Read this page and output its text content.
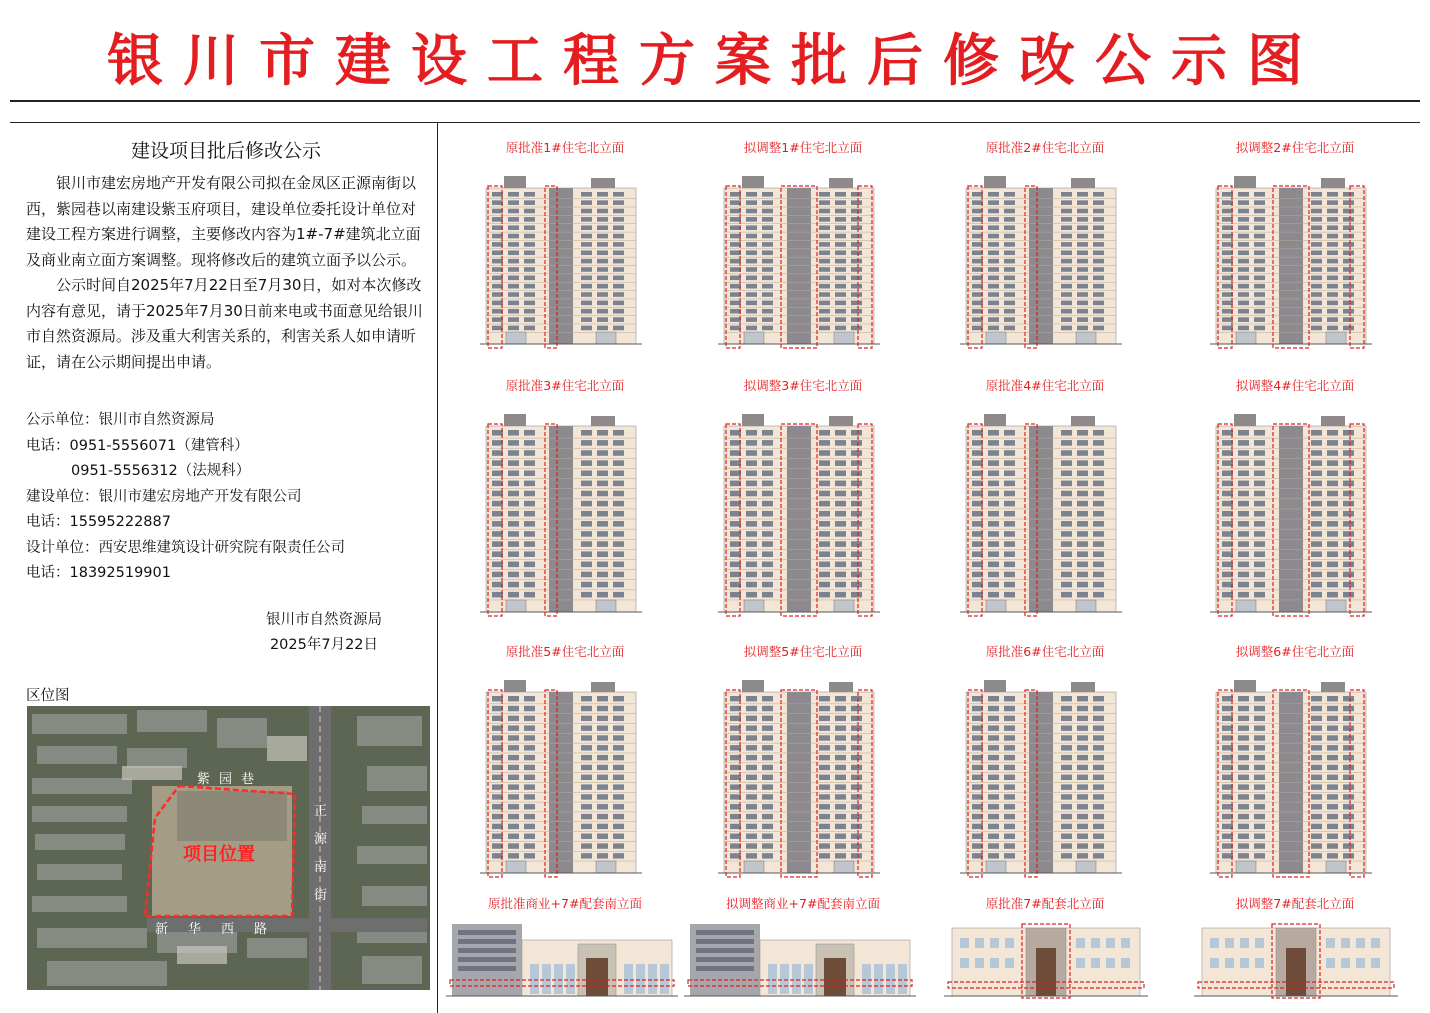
银川市建设工程方案批后修改公示图
建设项目批后修改公示

银川市建宏房地产开发有限公司拟在金凤区正源南街以西，紫园巷以南建设紫玉府项目，建设单位委托设计单位对建设工程方案进行调整，主要修改内容为1#-7#建筑北立面及商业南立面方案调整。现将修改后的建筑立面予以公示。

公示时间自2025年7月22日至7月30日，如对本次修改内容有意见，请于2025年7月30日前来电或书面意见给银川市自然资源局。涉及重大利害关系的，利害关系人如申请听证，请在公示期间提出申请。

公示单位：银川市自然资源局
电话：0951-5556071（建管科）
0951-5556312（法规科）
建设单位：银川市建宏房地产开发有限公司
电话：15595222887
设计单位：西安思维建筑设计研究院有限责任公司
电话：18392519901
银川市自然资源局
2025年7月22日
区位图
项目位置
紫园巷
正源南街
新华西路
原批准1#住宅北立面	拟调整1#住宅北立面	原批准2#住宅北立面	拟调整2#住宅北立面
原批准3#住宅北立面	拟调整3#住宅北立面	原批准4#住宅北立面	拟调整4#住宅北立面
原批准5#住宅北立面	拟调整5#住宅北立面	原批准6#住宅北立面	拟调整6#住宅北立面
原批准商业+7#配套南立面	拟调整商业+7#配套南立面	原批准7#配套北立面	拟调整7#配套北立面
